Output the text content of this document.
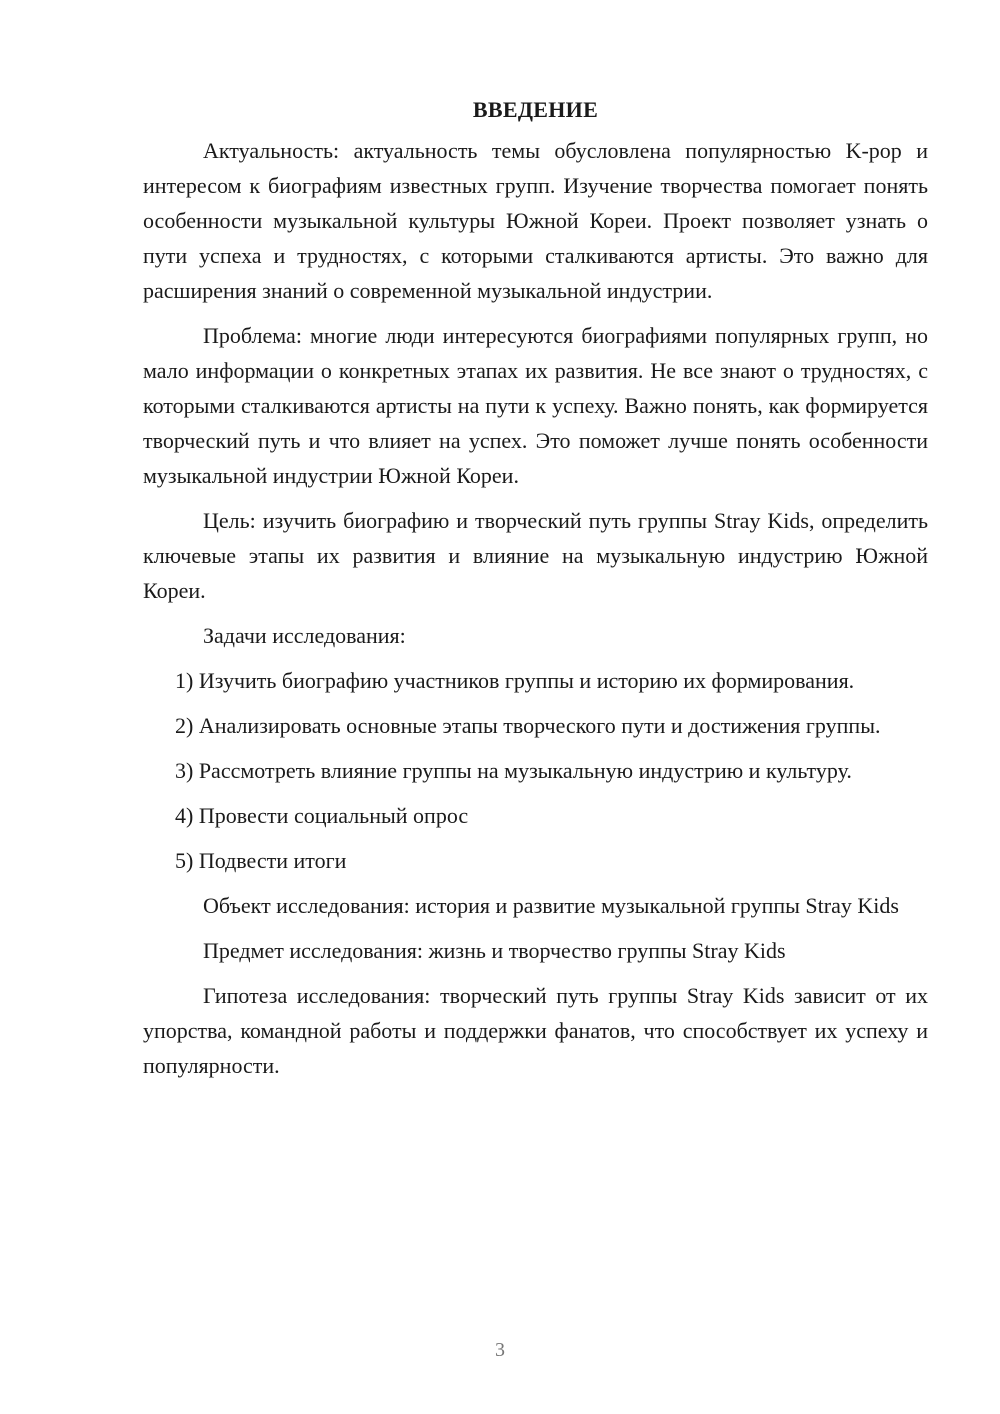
ВВЕДЕНИЕ

Актуальность: актуальность темы обусловлена популярностью K-pop и интересом к биографиям известных групп. Изучение творчества помогает понять особенности музыкальной культуры Южной Кореи. Проект позволяет узнать о пути успеха и трудностях, с которыми сталкиваются артисты. Это важно для расширения знаний о современной музыкальной индустрии.

Проблема: многие люди интересуются биографиями популярных групп, но мало информации о конкретных этапах их развития. Не все знают о трудностях, с которыми сталкиваются артисты на пути к успеху. Важно понять, как формируется творческий путь и что влияет на успех. Это поможет лучше понять особенности музыкальной индустрии Южной Кореи.

Цель: изучить биографию и творческий путь группы Stray Kids, определить ключевые этапы их развития и влияние на музыкальную индустрию Южной Кореи.

Задачи исследования:

1) Изучить биографию участников группы и историю их формирования.

2) Анализировать основные этапы творческого пути и достижения группы.

3) Рассмотреть влияние группы на музыкальную индустрию и культуру.

4) Провести социальный опрос

5) Подвести итоги

Объект исследования: история и развитие музыкальной группы Stray Kids

Предмет исследования: жизнь и творчество группы Stray Kids

Гипотеза исследования: творческий путь группы Stray Kids зависит от их упорства, командной работы и поддержки фанатов, что способствует их успеху и популярности.

3
